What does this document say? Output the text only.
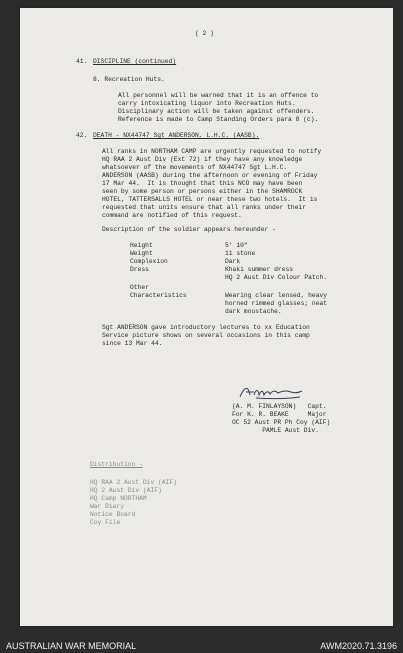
( 2 )
41. DISCIPLINE (continued)
8. Recreation Huts.
All personnel will be warned that it is an offence to
carry intoxicating liquor into Recreation Huts.
Disciplinary action will be taken against offenders.
Reference is made to Camp Standing Orders para 8 (c).
42. DEATH - NX44747 Sgt ANDERSON, L.H.C. (AASB).
All ranks in NORTHAM CAMP are urgently requested to notify
HQ RAA 2 Aust Div (Ext 72) if they have any knowledge
whatsoever of the movements of NX44747 Sgt L.H.C.
ANDERSON (AASB) during the afternoon or evening of Friday
17 Mar 44.  It is thought that this NCO may have been
seen by some person or persons either in the SHAMROCK
HOTEL, TATTERSALLS HOTEL or near these two hotels.  It is
requested that units ensure that all ranks under their
command are notified of this request.
Description of the soldier appears hereunder -
Height	5' 10"
Weight	11 stone
Complexion	Dark
Dress	Khaki summer dress
HQ 2 Aust Div Colour Patch.
Other
Characteristics	Wearing clear lensed, heavy
horned rimmed glasses; neat
dark moustache.
Sgt ANDERSON gave introductory lectures to xx Education
Service picture shows on several occasions in this camp
since 13 Mar 44.
(A. M. FINLAYSON)   Capt.
For K. R. BEAKE     Major
OC 52 Aust PR Ph Coy (AIF)
PAMLE Aust Div.
Distribution -
HQ RAA 2 Aust Div (AIF)
HQ 2 Aust Div (AIF)
HQ Camp NORTHAM
War Diary
Notice Board
Coy File
AUSTRALIAN WAR MEMORIAL	AWM2020.71.3196
